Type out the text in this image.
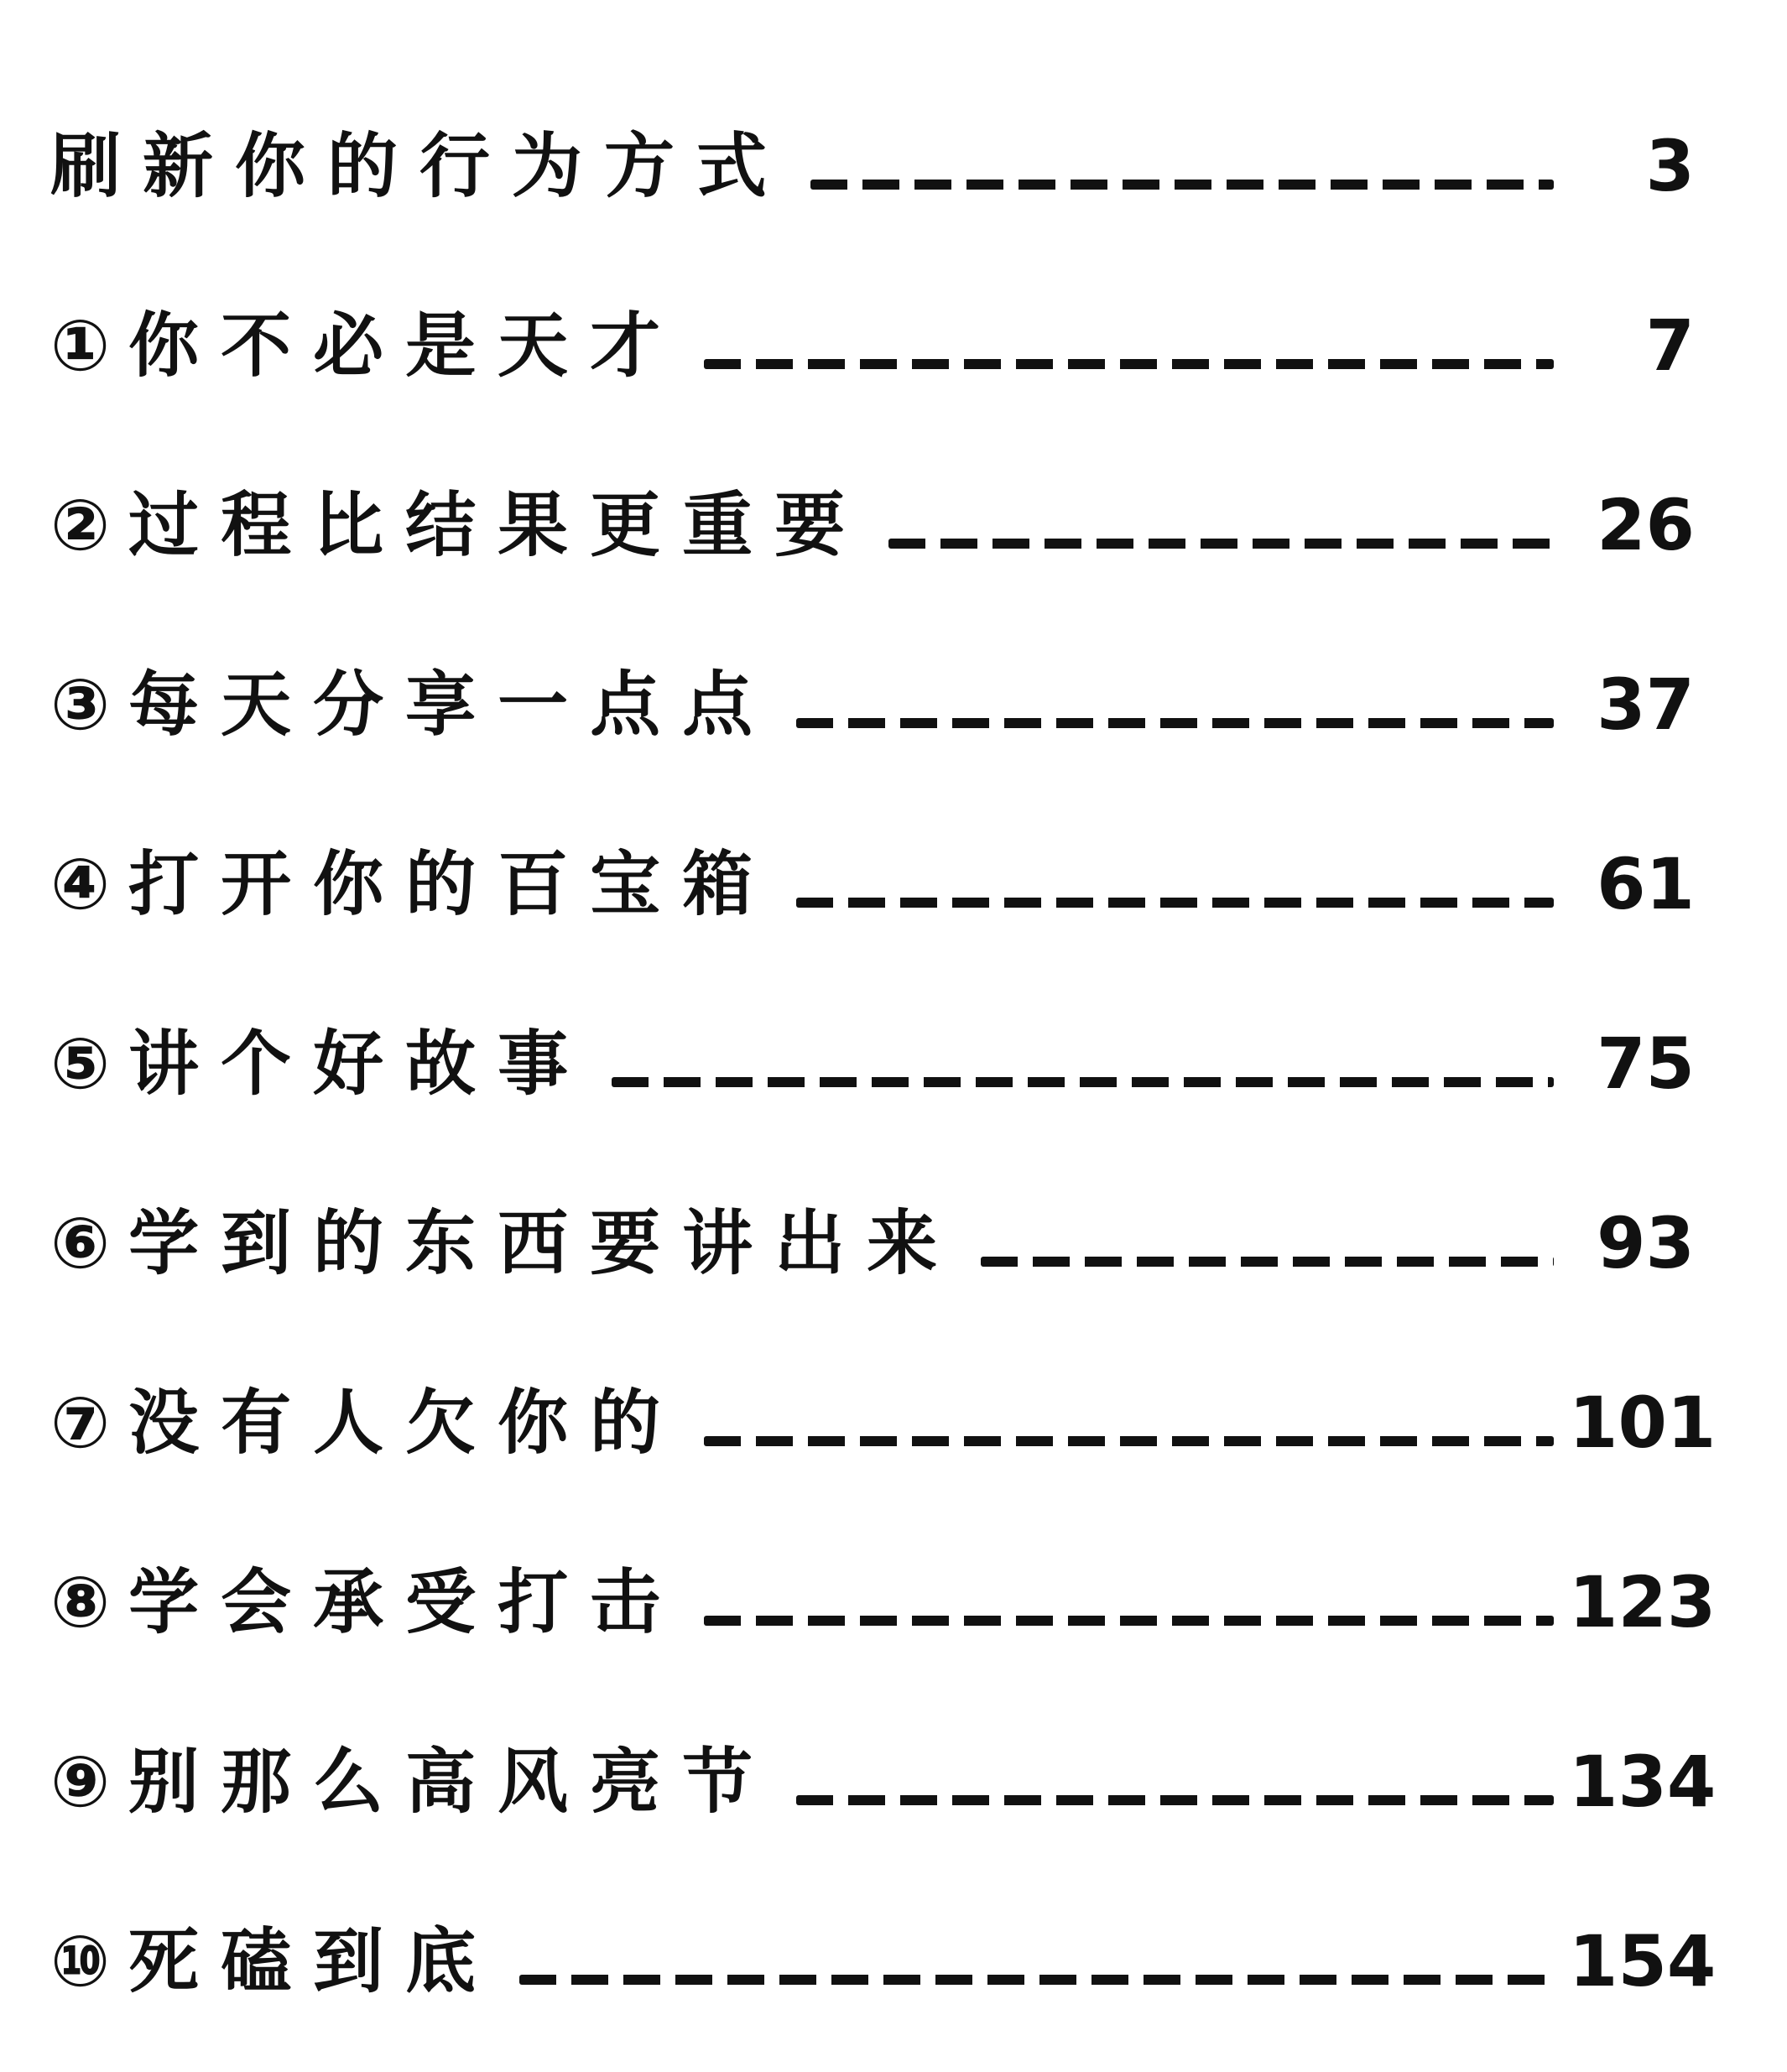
刷新你的行为方式	3
① 你不必是天才	7
② 过程比结果更重要	26
③ 每天分享一点点	37
④ 打开你的百宝箱	61
⑤ 讲个好故事	75
⑥ 学到的东西要讲出来	93
⑦ 没有人欠你的	101
⑧ 学会承受打击	123
⑨ 别那么高风亮节	134
⑩ 死磕到底	154
